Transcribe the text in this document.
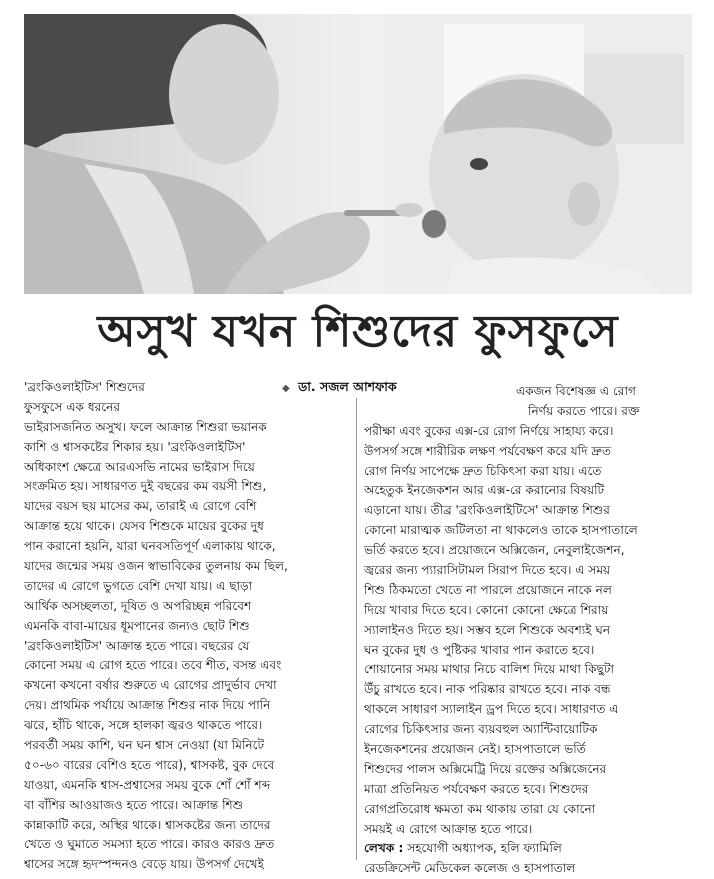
অসুখ যখন শিশুদের ফুসফুসে
◆ ডা. সজল আশফাক
'ব্রংকিওলাইটিস' শিশুদের
ফুসফুসে এক ধরনের
ভাইরাসজনিত অসুখ। ফলে আক্রান্ত শিশুরা ভয়ানক
কাশি ও শ্বাসকষ্টের শিকার হয়। 'ব্রংকিওলাইটিস'
অধিকাংশ ক্ষেত্রে আরএসভি নামের ভাইরাস দিয়ে
সংক্রমিত হয়। সাধারণত দুই বছরের কম বয়সী শিশু,
যাদের বয়স ছয় মাসের কম, তারাই এ রোগে বেশি
আক্রান্ত হয়ে থাকে। যেসব শিশুকে মায়ের বুকের দুধ
পান করানো হয়নি, যারা ঘনবসতিপূর্ণ এলাকায় থাকে,
যাদের জন্মের সময় ওজন স্বাভাবিকের তুলনায় কম ছিল,
তাদের এ রোগে ভুগতে বেশি দেখা যায়। এ ছাড়া
আর্থিক অসচ্ছলতা, দূষিত ও অপরিচ্ছন্ন পরিবেশ
এমনকি বাবা-মায়ের ধূমপানের জন্যও ছোট শিশু
'ব্রংকিওলাইটিস' আক্রান্ত হতে পারে। বছরের যে
কোনো সময় এ রোগ হতে পারে। তবে শীত, বসন্ত এবং
কখনো কখনো বর্ষার শুরুতে এ রোগের প্রাদুর্ভাব দেখা
দেয়। প্রাথমিক পর্যায়ে আক্রান্ত শিশুর নাক দিয়ে পানি
ঝরে, হাঁচি থাকে, সঙ্গে হালকা জ্বরও থাকতে পারে।
পরবর্তী সময় কাশি, ঘন ঘন শ্বাস নেওয়া (যা মিনিটে
৫০-৬০ বারের বেশিও হতে পারে), শ্বাসকষ্ট, বুক দেবে
যাওয়া, এমনকি শ্বাস-প্রশ্বাসের সময় বুকে শোঁ শোঁ শব্দ
বা বাঁশির আওয়াজও হতে পারে। আক্রান্ত শিশু
কান্নাকাটি করে, অস্থির থাকে। শ্বাসকষ্টের জন্য তাদের
খেতে ও ঘুমাতে সমস্যা হতে পারে। কারও কারও দ্রুত
শ্বাসের সঙ্গে হৃদস্পন্দনও বেড়ে যায়। উপসর্গ দেখেই
একজন বিশেষজ্ঞ এ রোগ
নির্ণয় করতে পারে। রক্ত
পরীক্ষা এবং বুকের এক্স-রে রোগ নির্ণয়ে সাহায্য করে।
উপসর্গ সঙ্গে শারীরিক লক্ষণ পর্যবেক্ষণ করে যদি দ্রুত
রোগ নির্ণয় সাপেক্ষে দ্রুত চিকিৎসা করা যায়। এতে
অহেতুক ইনজেকশন আর এক্স-রে করানোর বিষয়টি
এড়ানো যায়। তীব্র 'ব্রংকিওলাইটিসে' আক্রান্ত শিশুর
কোনো মারাত্মক জটিলতা না থাকলেও তাকে হাসপাতালে
ভর্তি করতে হবে। প্রয়োজনে অক্সিজেন, নেবুলাইজেশন,
জ্বরের জন্য প্যারাসিটামল সিরাপ দিতে হবে। এ সময়
শিশু ঠিকমতো খেতে না পারলে প্রয়োজনে নাকে নল
দিয়ে খাবার দিতে হবে। কোনো কোনো ক্ষেত্রে শিরায়
স্যালাইনও দিতে হয়। সম্ভব হলে শিশুকে অবশ্যই ঘন
ঘন বুকের দুধ ও পুষ্টিকর খাবার পান করাতে হবে।
শোয়ানোর সময় মাথার নিচে বালিশ দিয়ে মাথা কিছুটা
উঁচু রাখতে হবে। নাক পরিষ্কার রাখতে হবে। নাক বন্ধ
থাকলে সাধারণ স্যালাইন ড্রপ দিতে হবে। সাধারণত এ
রোগের চিকিৎসার জন্য ব্যয়বহুল অ্যান্টিবায়োটিক
ইনজেকশনের প্রয়োজন নেই। হাসপাতালে ভর্তি
শিশুদের পালস অক্সিমেট্রি দিয়ে রক্তের অক্সিজেনের
মাত্রা প্রতিনিয়ত পর্যবেক্ষণ করতে হবে। শিশুদের
রোগপ্রতিরোধ ক্ষমতা কম থাকায় তারা যে কোনো
সময়ই এ রোগে আক্রান্ত হতে পারে।
লেখক : সহযোগী অধ্যাপক, হলি ফ্যামিলি
রেডক্রিসেন্ট মেডিকেল কলেজ ও হাসপাতাল
